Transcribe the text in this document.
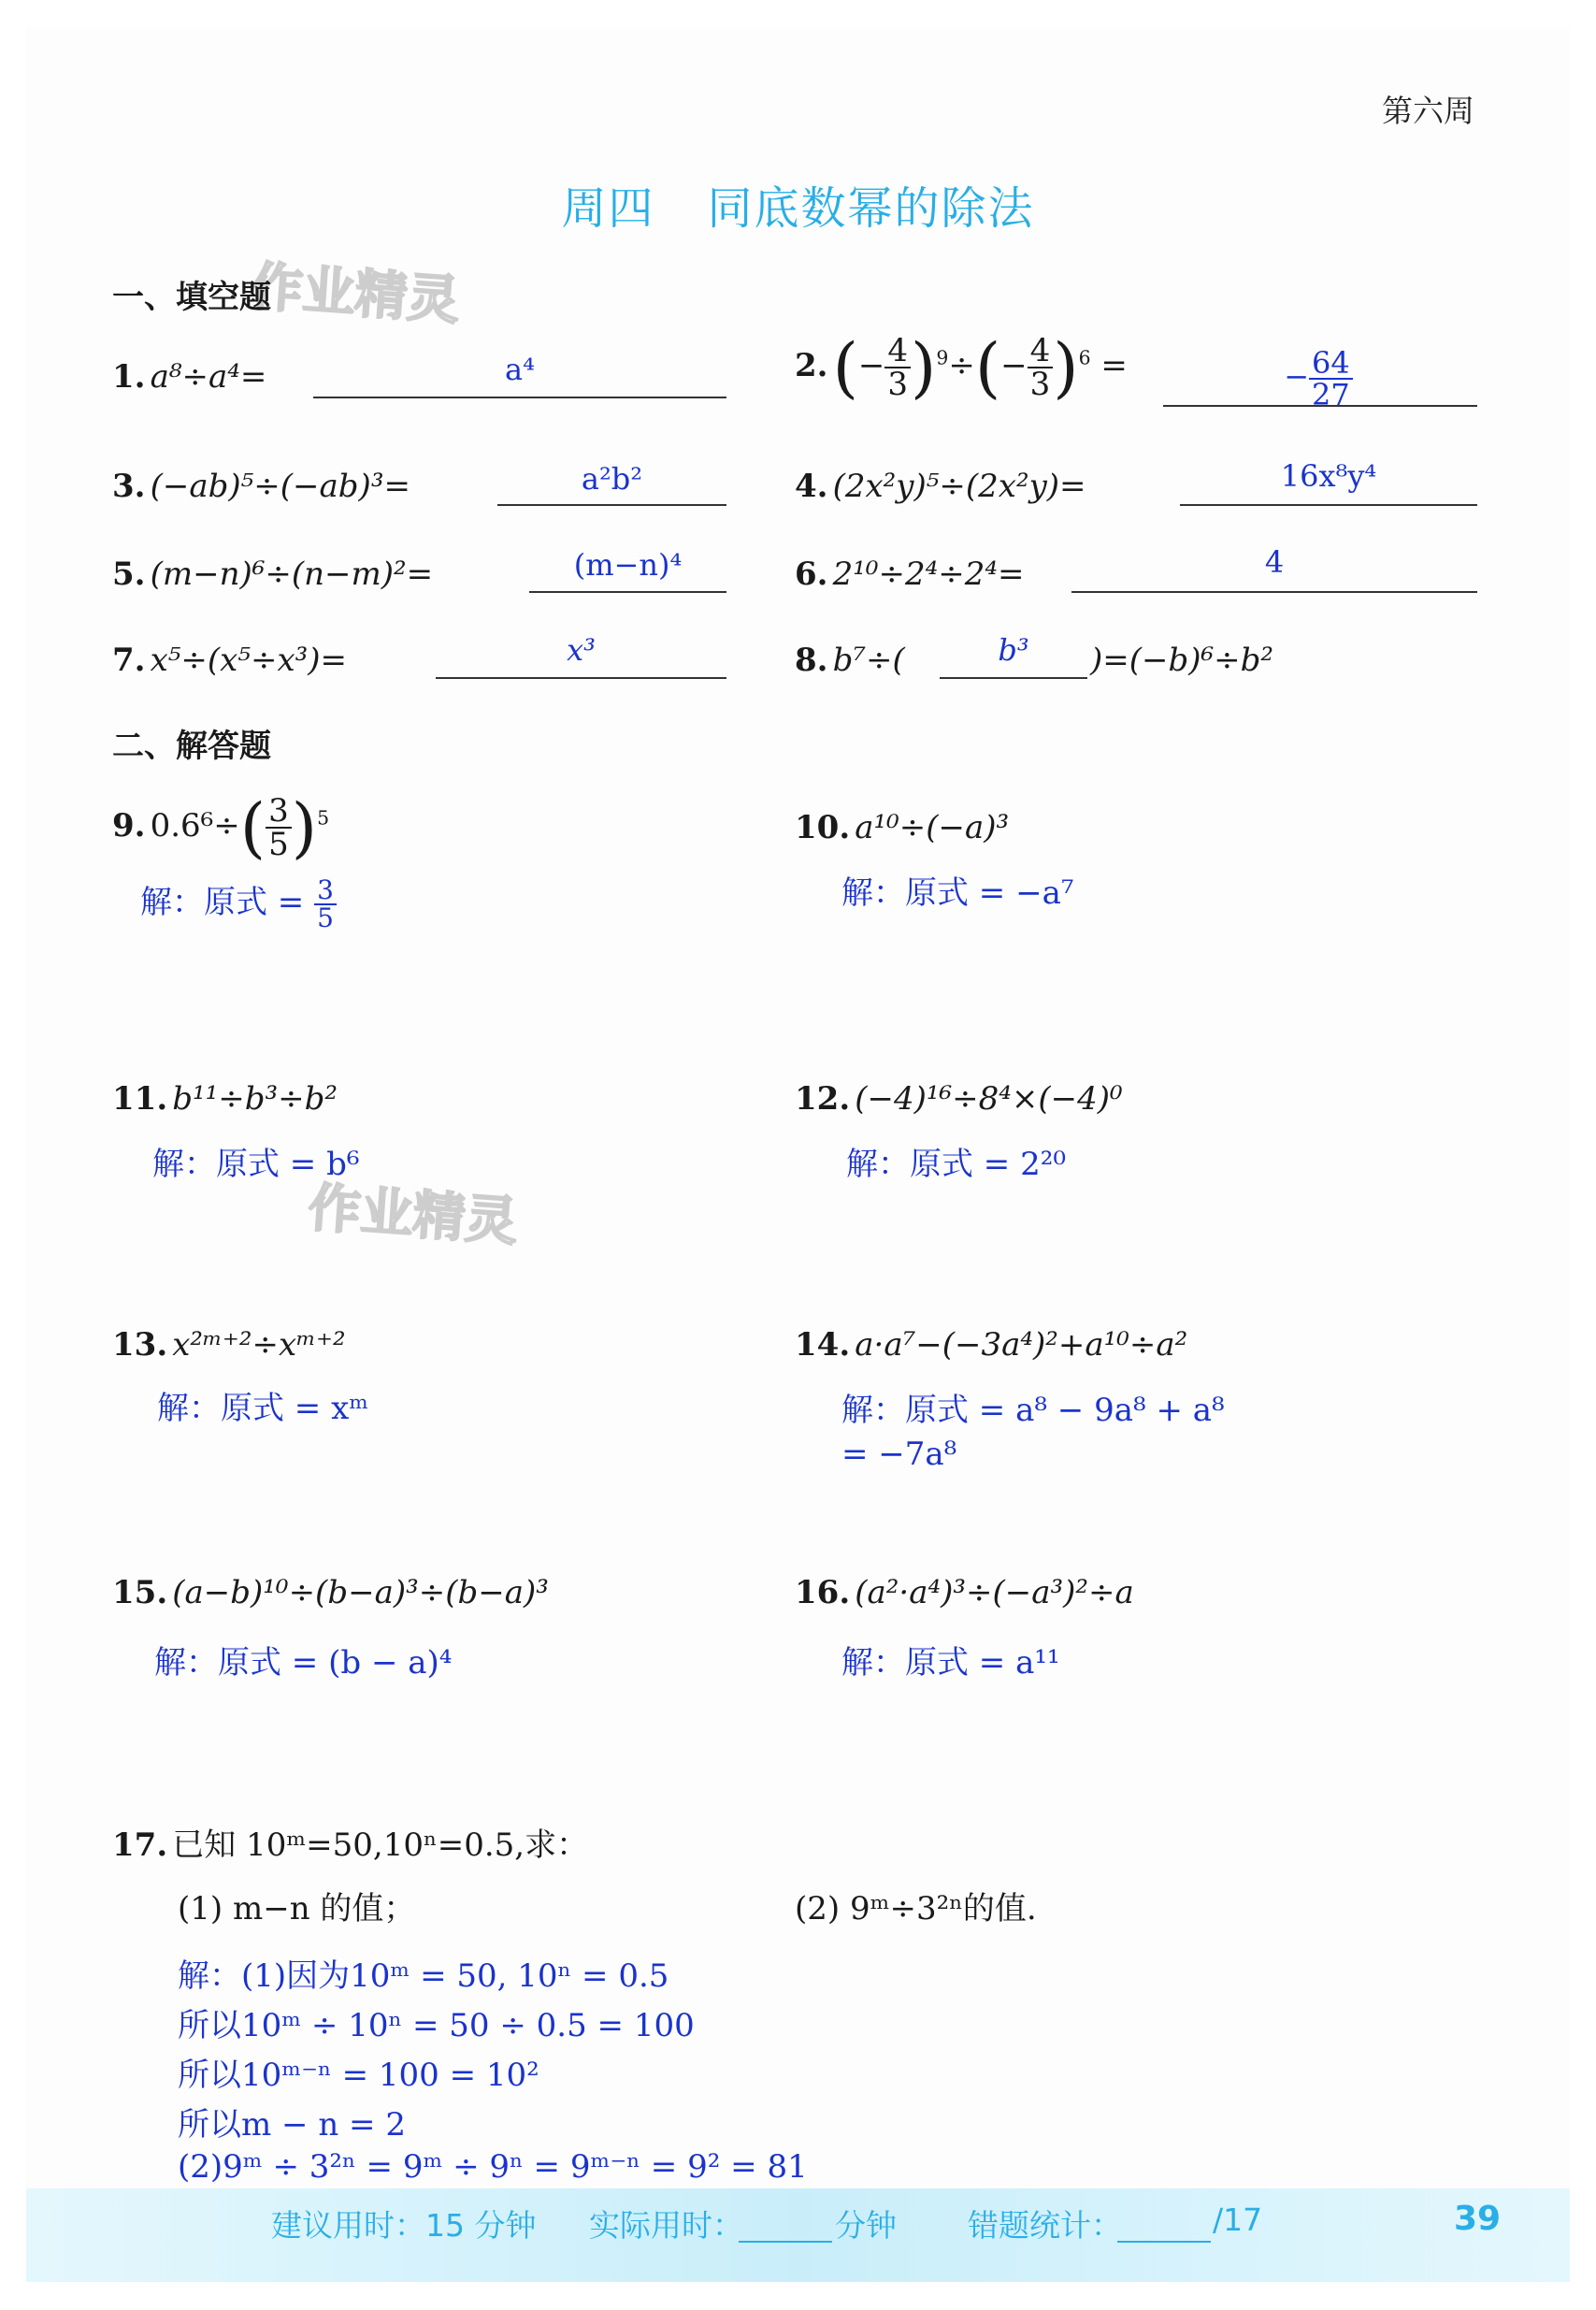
第六周
周四 同底数幂的除法
作业精灵
作业精灵
一、填空题
1. a⁸÷a⁴=	a⁴	2. (− $\frac{4}{3} )^9\div(- \frac{4}{3} )^6$ =	− $\frac{64}{27}$
3. (−ab)⁵÷(−ab)³=	a²b²	4. (2x²y)⁵÷(2x²y)=	16x⁸y⁴
5. (m−n)⁶÷(n−m)²=	(m−n)⁴	6. 2¹⁰÷2⁴÷2⁴=	4
7. x⁵÷(x⁵÷x³)=	x³	8. b⁷÷(	b³	)=(−b)⁶÷b²
二、解答题
9. $0.6^6\div( \frac{3}{5} )^5$
解：原式 = $\frac{3}{5}$
10. a¹⁰÷(−a)³
解：原式 = −a⁷
11. b¹¹÷b³÷b²
解：原式 = b⁶
12. (−4)¹⁶÷8⁴×(−4)⁰
解：原式 = 2²⁰
13. x²ᵐ⁺²÷xᵐ⁺²
解：原式 = xᵐ
14. a·a⁷−(−3a⁴)²+a¹⁰÷a²
解：原式 = a⁸ − 9a⁸ + a⁸
= −7a⁸
15. (a−b)¹⁰÷(b−a)³÷(b−a)³
解：原式 = (b − a)⁴
16. (a²·a⁴)³÷(−a³)²÷a
解：原式 = a¹¹
17. 已知 10ᵐ=50,10ⁿ=0.5,求：
(1) m−n 的值；	(2) 9ᵐ÷3²ⁿ的值.
解：(1)因为10ᵐ = 50, 10ⁿ = 0.5
所以10ᵐ ÷ 10ⁿ = 50 ÷ 0.5 = 100
所以10ᵐ⁻ⁿ = 100 = 10²
所以m − n = 2
(2)9ᵐ ÷ 3²ⁿ = 9ᵐ ÷ 9ⁿ = 9ᵐ⁻ⁿ = 9² = 81
建议用时：15 分钟 实际用时：	分钟 错题统计：	/17	39
